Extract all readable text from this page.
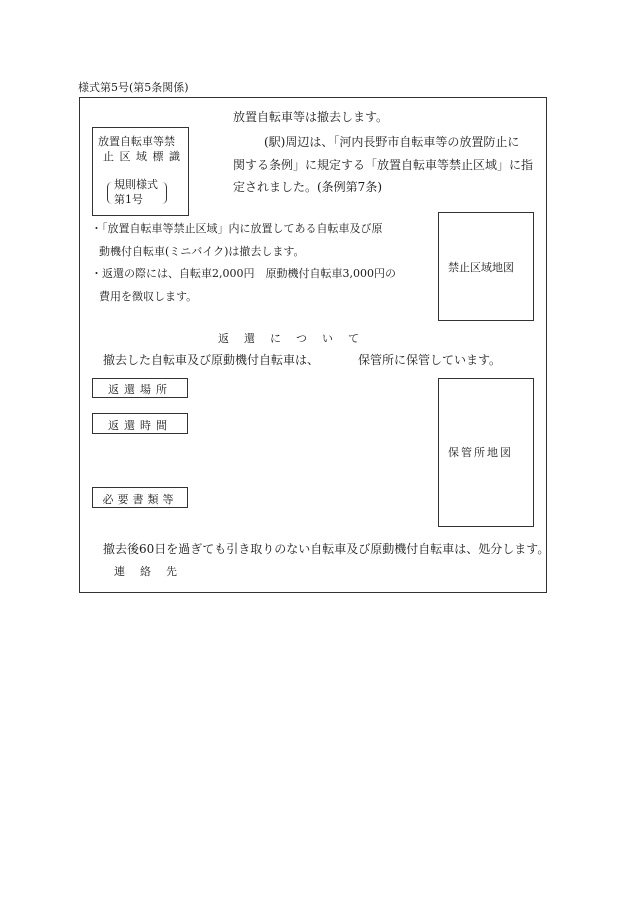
様式第5号(第5条関係)
放置自転車等禁
止 区 域 標 識
規則様式
第1号
放置自転車等は撤去します。
(駅)周辺は、「河内長野市自転車等の放置防止に
関する条例」に規定する「放置自転車等禁止区域」に指
定されました。(条例第7条)
・「放置自転車等禁止区域」内に放置してある自転車及び原
動機付自転車(ミニバイク)は撤去します。
・返還の際には、自転車2,000円　原動機付自転車3,000円の
費用を徴収します。
禁止区域地図
返　還　に　つ　い　て
撤去した自転車及び原動機付自転車は、	保管所に保管しています。
返還場所
返還時間
必要書類等
保管所地図
撤去後60日を過ぎても引き取りのない自転車及び原動機付自転車は、処分します。
連　絡　先
